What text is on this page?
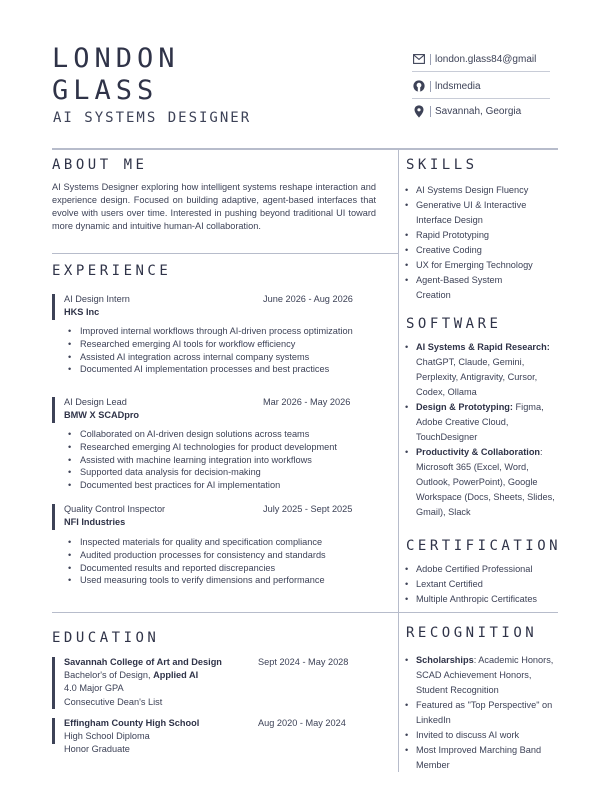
LONDON
GLASS
AI SYSTEMS DESIGNER
london.glass84@gmail
lndsmedia
Savannah, Georgia
ABOUT ME
AI Systems Designer exploring how intelligent systems reshape interaction and experience design. Focused on building adaptive, agent-based interfaces that evolve with users over time. Interested in pushing beyond traditional UI toward more dynamic and intuitive human-AI collaboration.
EXPERIENCE
AI Design Intern	June 2026 - Aug 2026
HKS Inc
• Improved internal workflows through AI-driven process optimization
• Researched emerging AI tools for workflow efficiency
• Assisted AI integration across internal company systems
• Documented AI implementation processes and best practices
AI Design Lead	Mar 2026 - May 2026
BMW X SCADpro
• Collaborated on AI-driven design solutions across teams
• Researched emerging AI technologies for product development
• Assisted with machine learning integration into workflows
• Supported data analysis for decision-making
• Documented best practices for AI implementation
Quality Control Inspector	July 2025 - Sept 2025
NFI Industries
• Inspected materials for quality and specification compliance
• Audited production processes for consistency and standards
• Documented results and reported discrepancies
• Used measuring tools to verify dimensions and performance
EDUCATION
Savannah College of Art and Design	Sept 2024 - May 2028
Bachelor's of Design, Applied AI
4.0 Major GPA
Consecutive Dean's List
Effingham County High School	Aug 2020 - May 2024
High School Diploma
Honor Graduate
SKILLS
• AI Systems Design Fluency
• Generative UI & Interactive Interface Design
• Rapid Prototyping
• Creative Coding
• UX for Emerging Technology
• Agent-Based System Creation
SOFTWARE
• AI Systems & Rapid Research: ChatGPT, Claude, Gemini, Perplexity, Antigravity, Cursor, Codex, Ollama
• Design & Prototyping: Figma, Adobe Creative Cloud, TouchDesigner
• Productivity & Collaboration: Microsoft 365 (Excel, Word, Outlook, PowerPoint), Google Workspace (Docs, Sheets, Slides, Gmail), Slack
CERTIFICATION
• Adobe Certified Professional
• Lextant Certified
• Multiple Anthropic Certificates
RECOGNITION
• Scholarships: Academic Honors, SCAD Achievement Honors, Student Recognition
• Featured as "Top Perspective" on LinkedIn
• Invited to discuss AI work
• Most Improved Marching Band Member
